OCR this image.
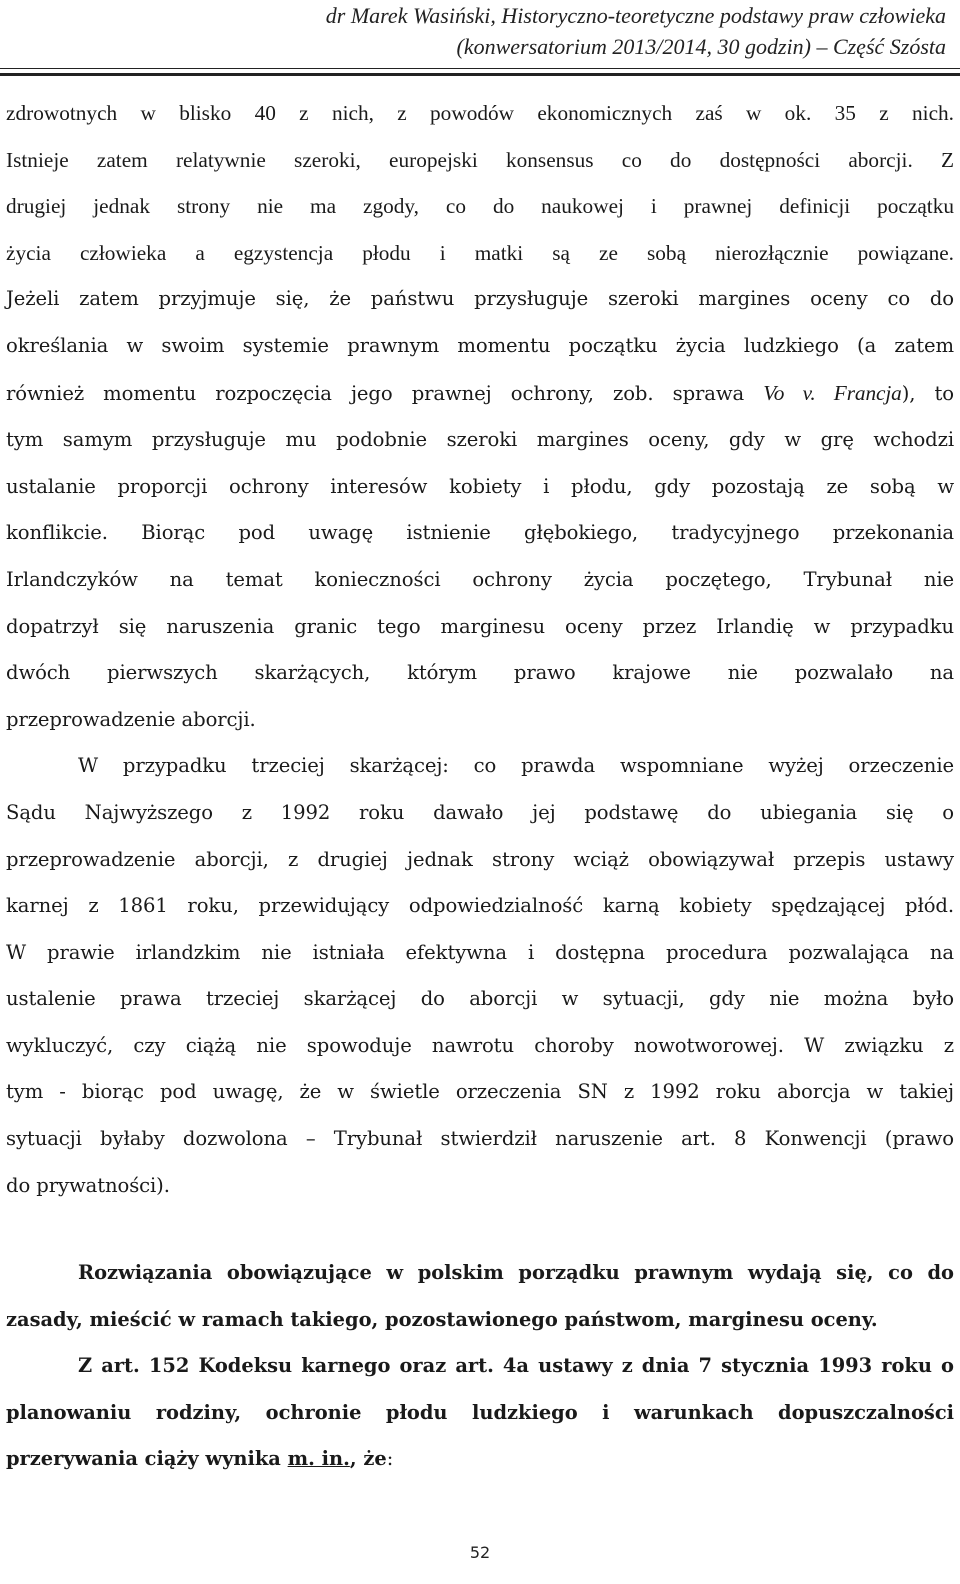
dr Marek Wasiński, Historyczno-teoretyczne podstawy praw człowieka
(konwersatorium 2013/2014, 30 godzin) – Część Szósta
zdrowotnych w blisko 40 z nich, z powodów ekonomicznych zaś w ok. 35 z nich.
Istnieje zatem relatywnie szeroki, europejski konsensus co do dostępności aborcji. Z
drugiej jednak strony nie ma zgody, co do naukowej i prawnej definicji początku
życia człowieka a egzystencja płodu i matki są ze sobą nierozłącznie powiązane.
Jeżeli zatem przyjmuje się, że państwu przysługuje szeroki margines oceny co do
określania w swoim systemie prawnym momentu początku życia ludzkiego (a zatem
również momentu rozpoczęcia jego prawnej ochrony, zob. sprawa Vo v. Francja), to
tym samym przysługuje mu podobnie szeroki margines oceny, gdy w grę wchodzi
ustalanie proporcji ochrony interesów kobiety i płodu, gdy pozostają ze sobą w
konflikcie. Biorąc pod uwagę istnienie głębokiego, tradycyjnego przekonania
Irlandczyków na temat konieczności ochrony życia poczętego, Trybunał nie
dopatrzył się naruszenia granic tego marginesu oceny przez Irlandię w przypadku
dwóch pierwszych skarżących, którym prawo krajowe nie pozwalało na
przeprowadzenie aborcji.
W przypadku trzeciej skarżącej: co prawda wspomniane wyżej orzeczenie
Sądu Najwyższego z 1992 roku dawało jej podstawę do ubiegania się o
przeprowadzenie aborcji, z drugiej jednak strony wciąż obowiązywał przepis ustawy
karnej z 1861 roku, przewidujący odpowiedzialność karną kobiety spędzającej płód.
W prawie irlandzkim nie istniała efektywna i dostępna procedura pozwalająca na
ustalenie prawa trzeciej skarżącej do aborcji w sytuacji, gdy nie można było
wykluczyć, czy ciążą nie spowoduje nawrotu choroby nowotworowej. W związku z
tym - biorąc pod uwagę, że w świetle orzeczenia SN z 1992 roku aborcja w takiej
sytuacji byłaby dozwolona – Trybunał stwierdził naruszenie art. 8 Konwencji (prawo
do prywatności).
Rozwiązania obowiązujące w polskim porządku prawnym wydają się, co do
zasady, mieścić w ramach takiego, pozostawionego państwom, marginesu oceny.
Z art. 152 Kodeksu karnego oraz art. 4a ustawy z dnia 7 stycznia 1993 roku o
planowaniu rodziny, ochronie płodu ludzkiego i warunkach dopuszczalności
przerywania ciąży wynika m. in., że:
52
